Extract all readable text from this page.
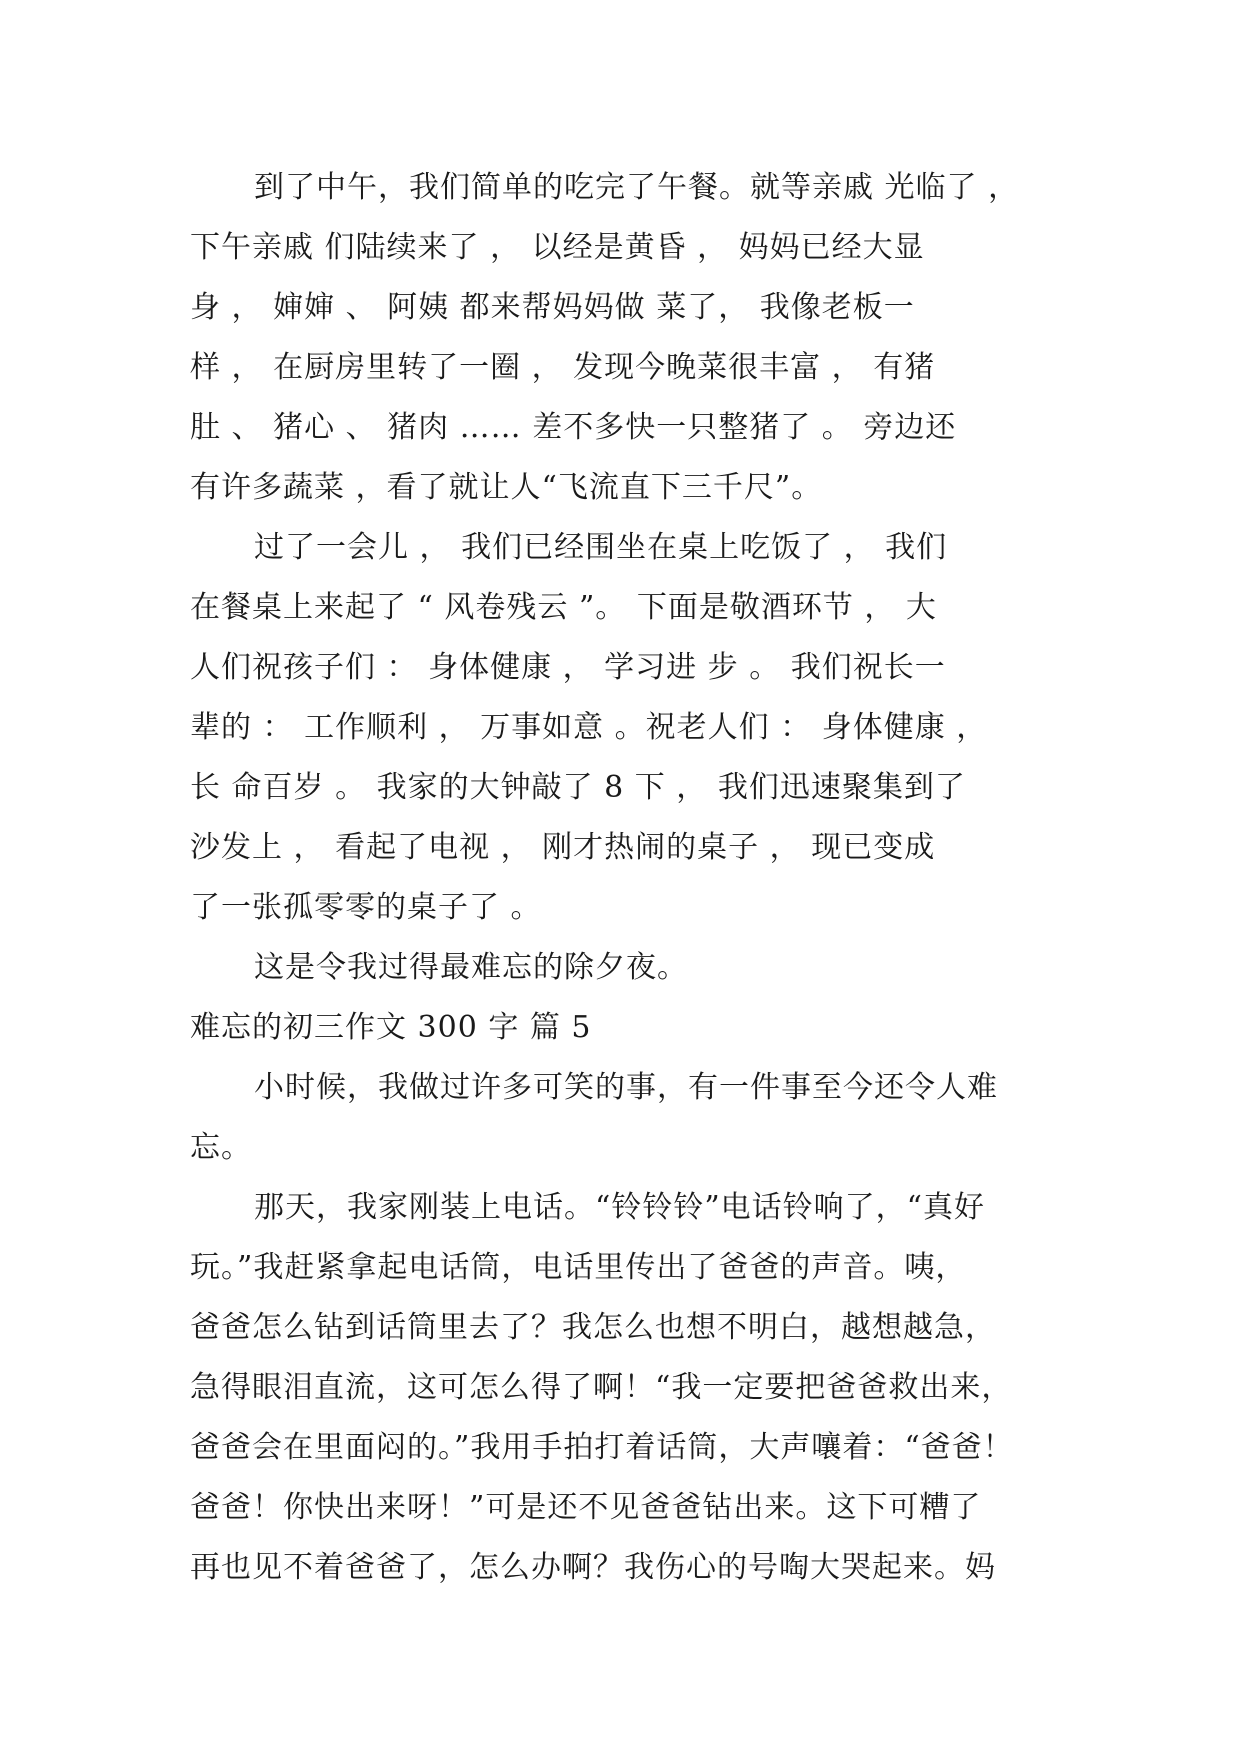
到了中午，我们简单的吃完了午餐。就等亲戚 光临了 ，
下午亲戚 们陆续来了 ， 以经是黄昏 ， 妈妈已经大显
身 ， 婶婶 、 阿姨 都来帮妈妈做 菜了， 我像老板一
样 ， 在厨房里转了一圈 ， 发现今晚菜很丰富 ， 有猪
肚 、 猪心 、 猪肉 …… 差不多快一只整猪了 。 旁边还
有许多蔬菜 ，看了就让人“飞流直下三千尺”。
过了一会儿 ， 我们已经围坐在桌上吃饭了 ， 我们
在餐桌上来起了 “ 风卷残云 ”。 下面是敬酒环节 ， 大
人们祝孩子们 ： 身体健康 ， 学习进 步 。 我们祝长一
辈的 ： 工作顺利 ， 万事如意 。祝老人们 ： 身体健康 ，
长 命百岁 。 我家的大钟敲了 8 下 ， 我们迅速聚集到了
沙发上 ， 看起了电视 ， 刚才热闹的桌子 ， 现已变成
了一张孤零零的桌子了 。
这是令我过得最难忘的除夕夜。
难忘的初三作文 300 字 篇 5
小时候，我做过许多可笑的事，有一件事至今还令人难
忘。
那天，我家刚装上电话。“铃铃铃”电话铃响了，“真好
玩。”我赶紧拿起电话筒，电话里传出了爸爸的声音。咦，
爸爸怎么钻到话筒里去了？我怎么也想不明白，越想越急，
急得眼泪直流，这可怎么得了啊！“我一定要把爸爸救出来，
爸爸会在里面闷的。”我用手拍打着话筒，大声嚷着：“爸爸！
爸爸！你快出来呀！”可是还不见爸爸钻出来。这下可糟了
再也见不着爸爸了，怎么办啊？我伤心的号啕大哭起来。妈
